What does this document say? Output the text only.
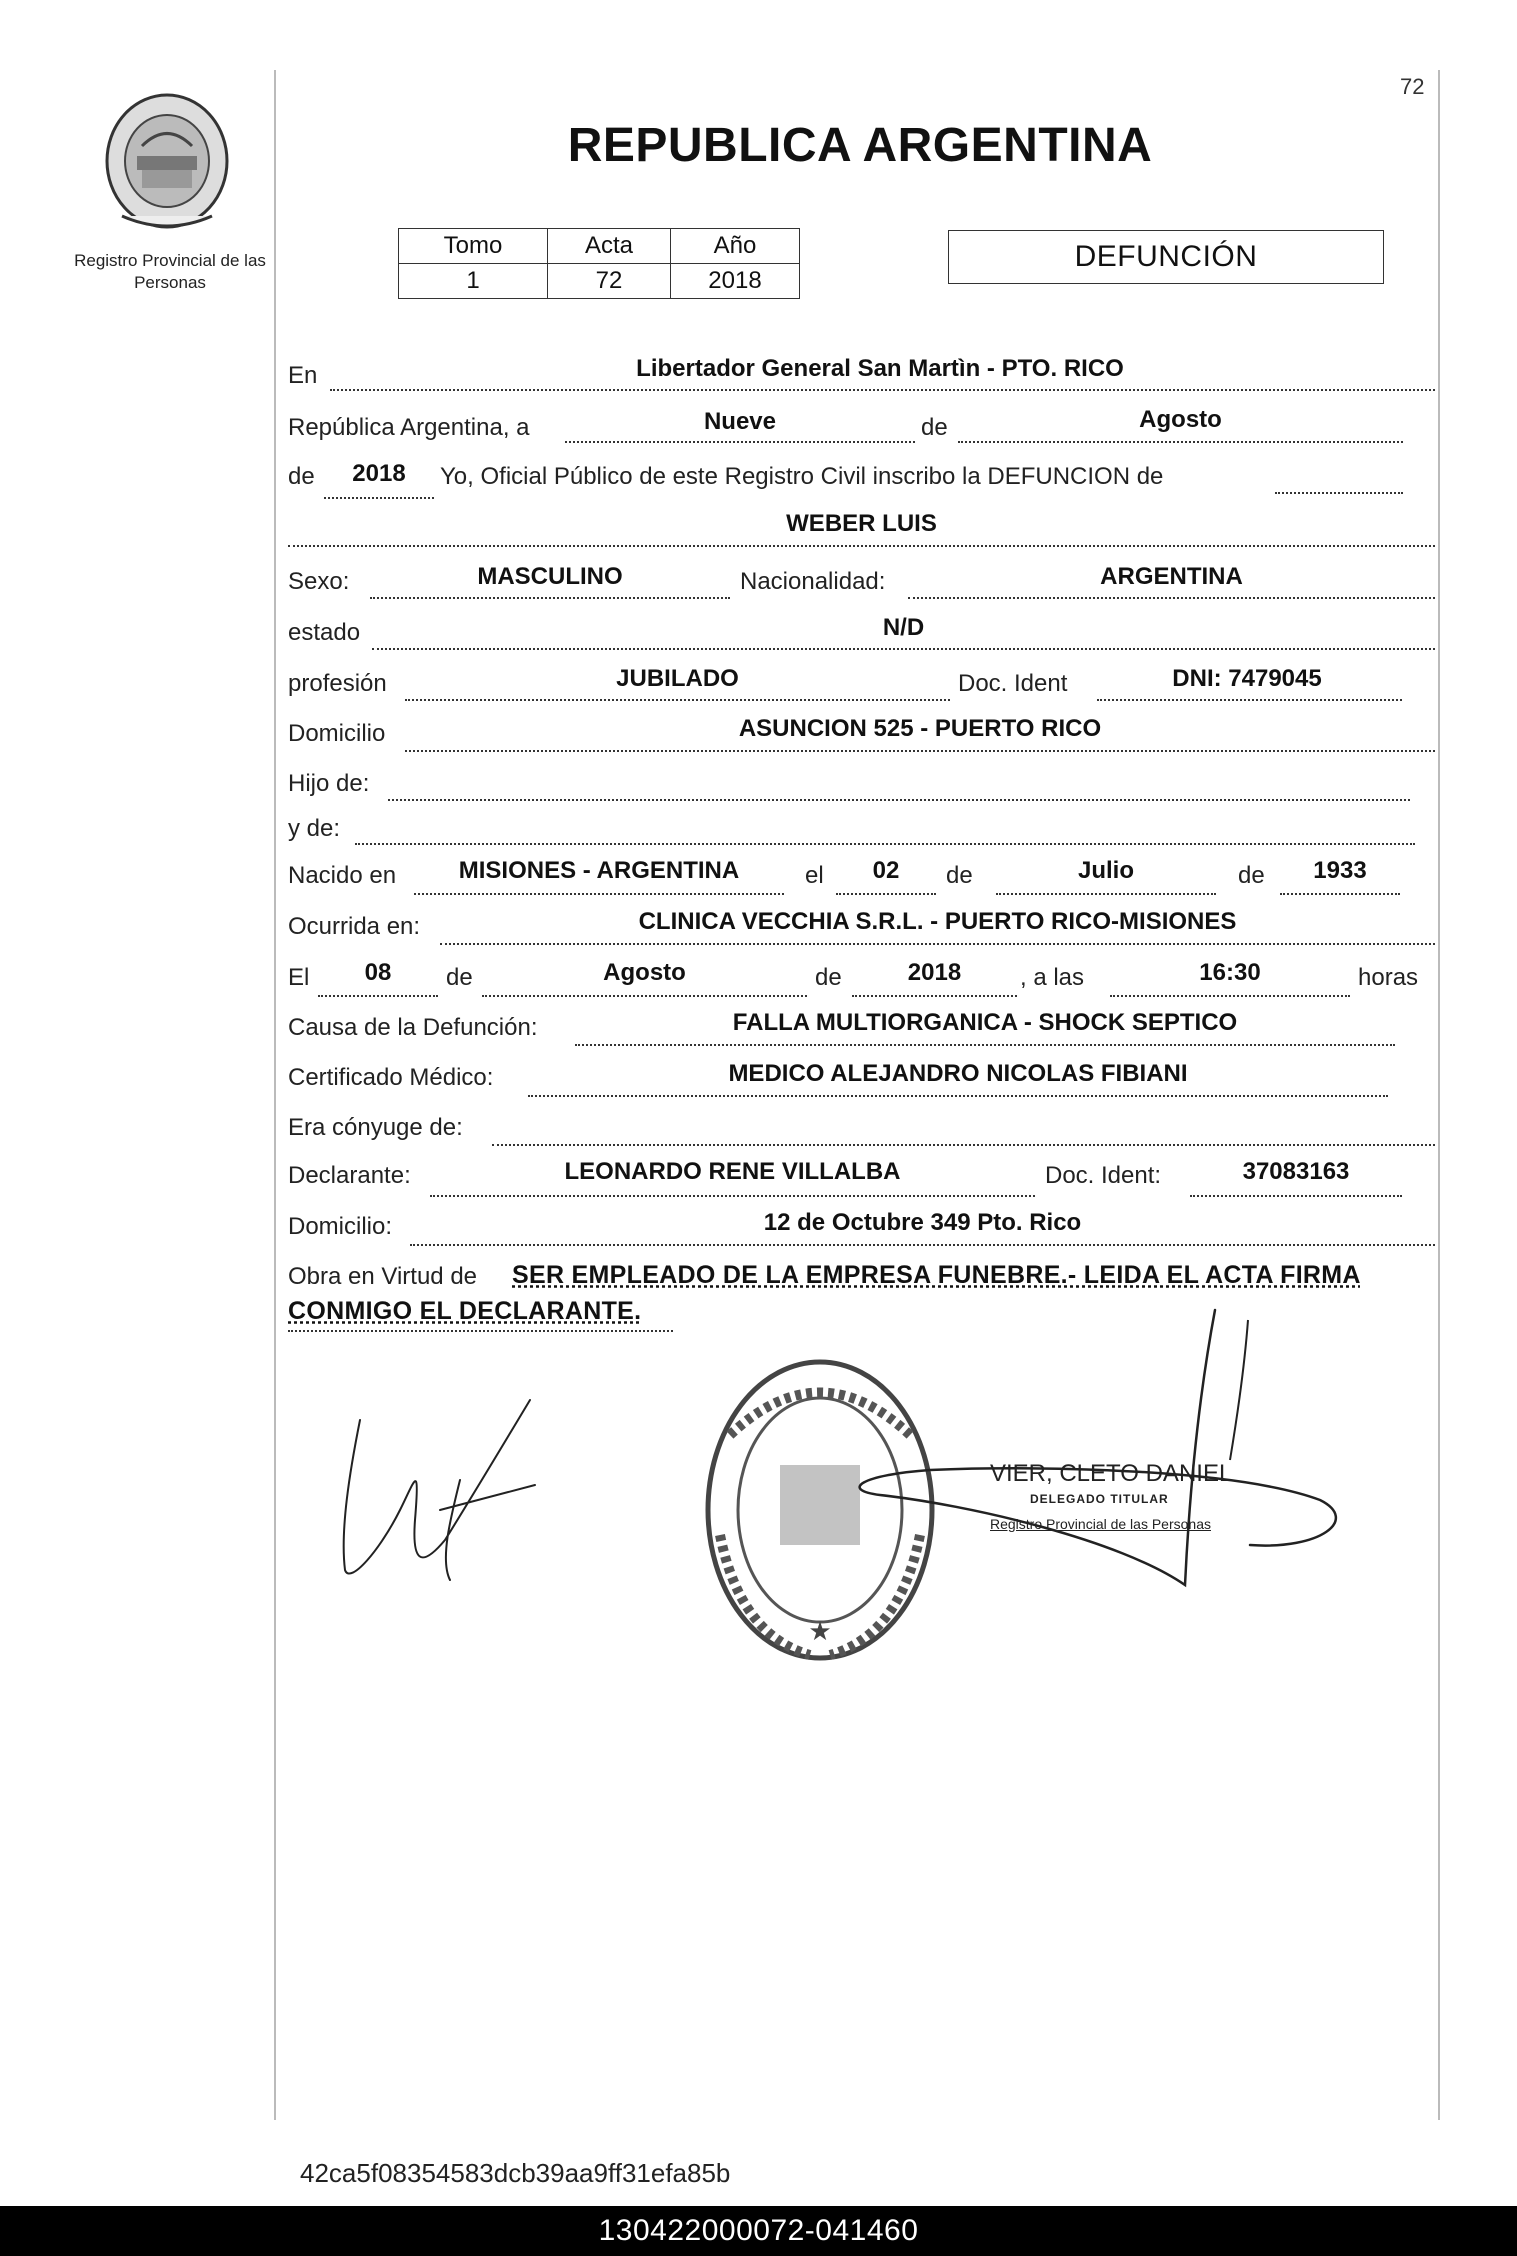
72
Registro Provincial de las Personas
REPUBLICA ARGENTINA
Tomo	Acta	Año
1	72	2018
DEFUNCIÓN
En	Libertador General San Martìn - PTO. RICO
República Argentina, a	Nueve	de	Agosto
de	2018	Yo, Oficial Público de este Registro Civil inscribo la DEFUNCION de
WEBER LUIS
Sexo:	MASCULINO	Nacionalidad:	ARGENTINA
estado	N/D
profesión	JUBILADO	Doc. Ident	DNI: 7479045
Domicilio	ASUNCION 525 - PUERTO RICO
Hijo de:
y de:
Nacido en	MISIONES - ARGENTINA	el	02	de	Julio	de	1933
Ocurrida en:	CLINICA VECCHIA S.R.L. - PUERTO RICO-MISIONES
El	08	de	Agosto	de	2018	, a las	16:30	horas
Causa de la Defunción:	FALLA MULTIORGANICA - SHOCK SEPTICO
Certificado Médico:	MEDICO ALEJANDRO NICOLAS FIBIANI
Era cónyuge de:
Declarante:	LEONARDO RENE VILLALBA	Doc. Ident:	37083163
Domicilio:	12 de Octubre 349 Pto. Rico
Obra en Virtud de SER EMPLEADO DE LA EMPRESA FUNEBRE.- LEIDA EL ACTA FIRMA
CONMIGO EL DECLARANTE.
★
VIER, CLETO DANIEL
DELEGADO TITULAR
Registro Provincial de las Personas
42ca5f08354583dcb39aa9ff31efa85b
130422000072-041460
